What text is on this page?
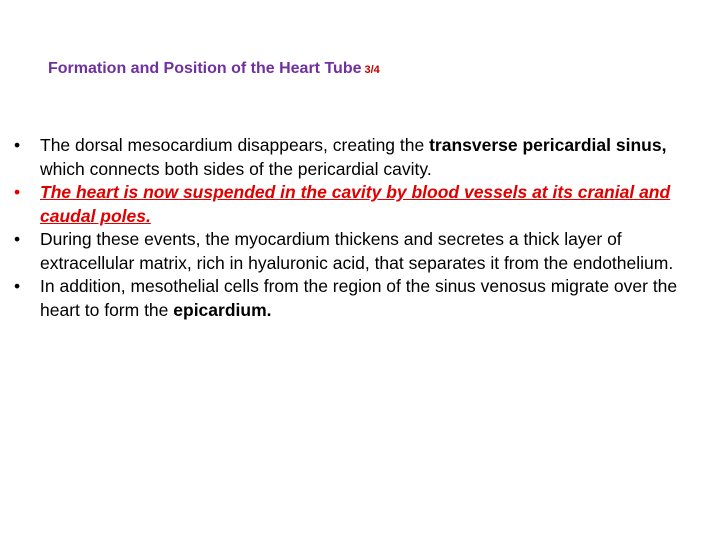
Formation and Position of the Heart Tube 3/4
•	The dorsal mesocardium disappears, creating the transverse pericardial sinus, which connects both sides of the pericardial cavity.
•	The heart is now suspended in the cavity by blood vessels at its cranial and caudal poles.
•	During these events, the myocardium thickens and secretes a thick layer of extracellular matrix, rich in hyaluronic acid, that separates it from the endothelium.
•	In addition, mesothelial cells from the region of the sinus venosus migrate over the heart to form the epicardium.
